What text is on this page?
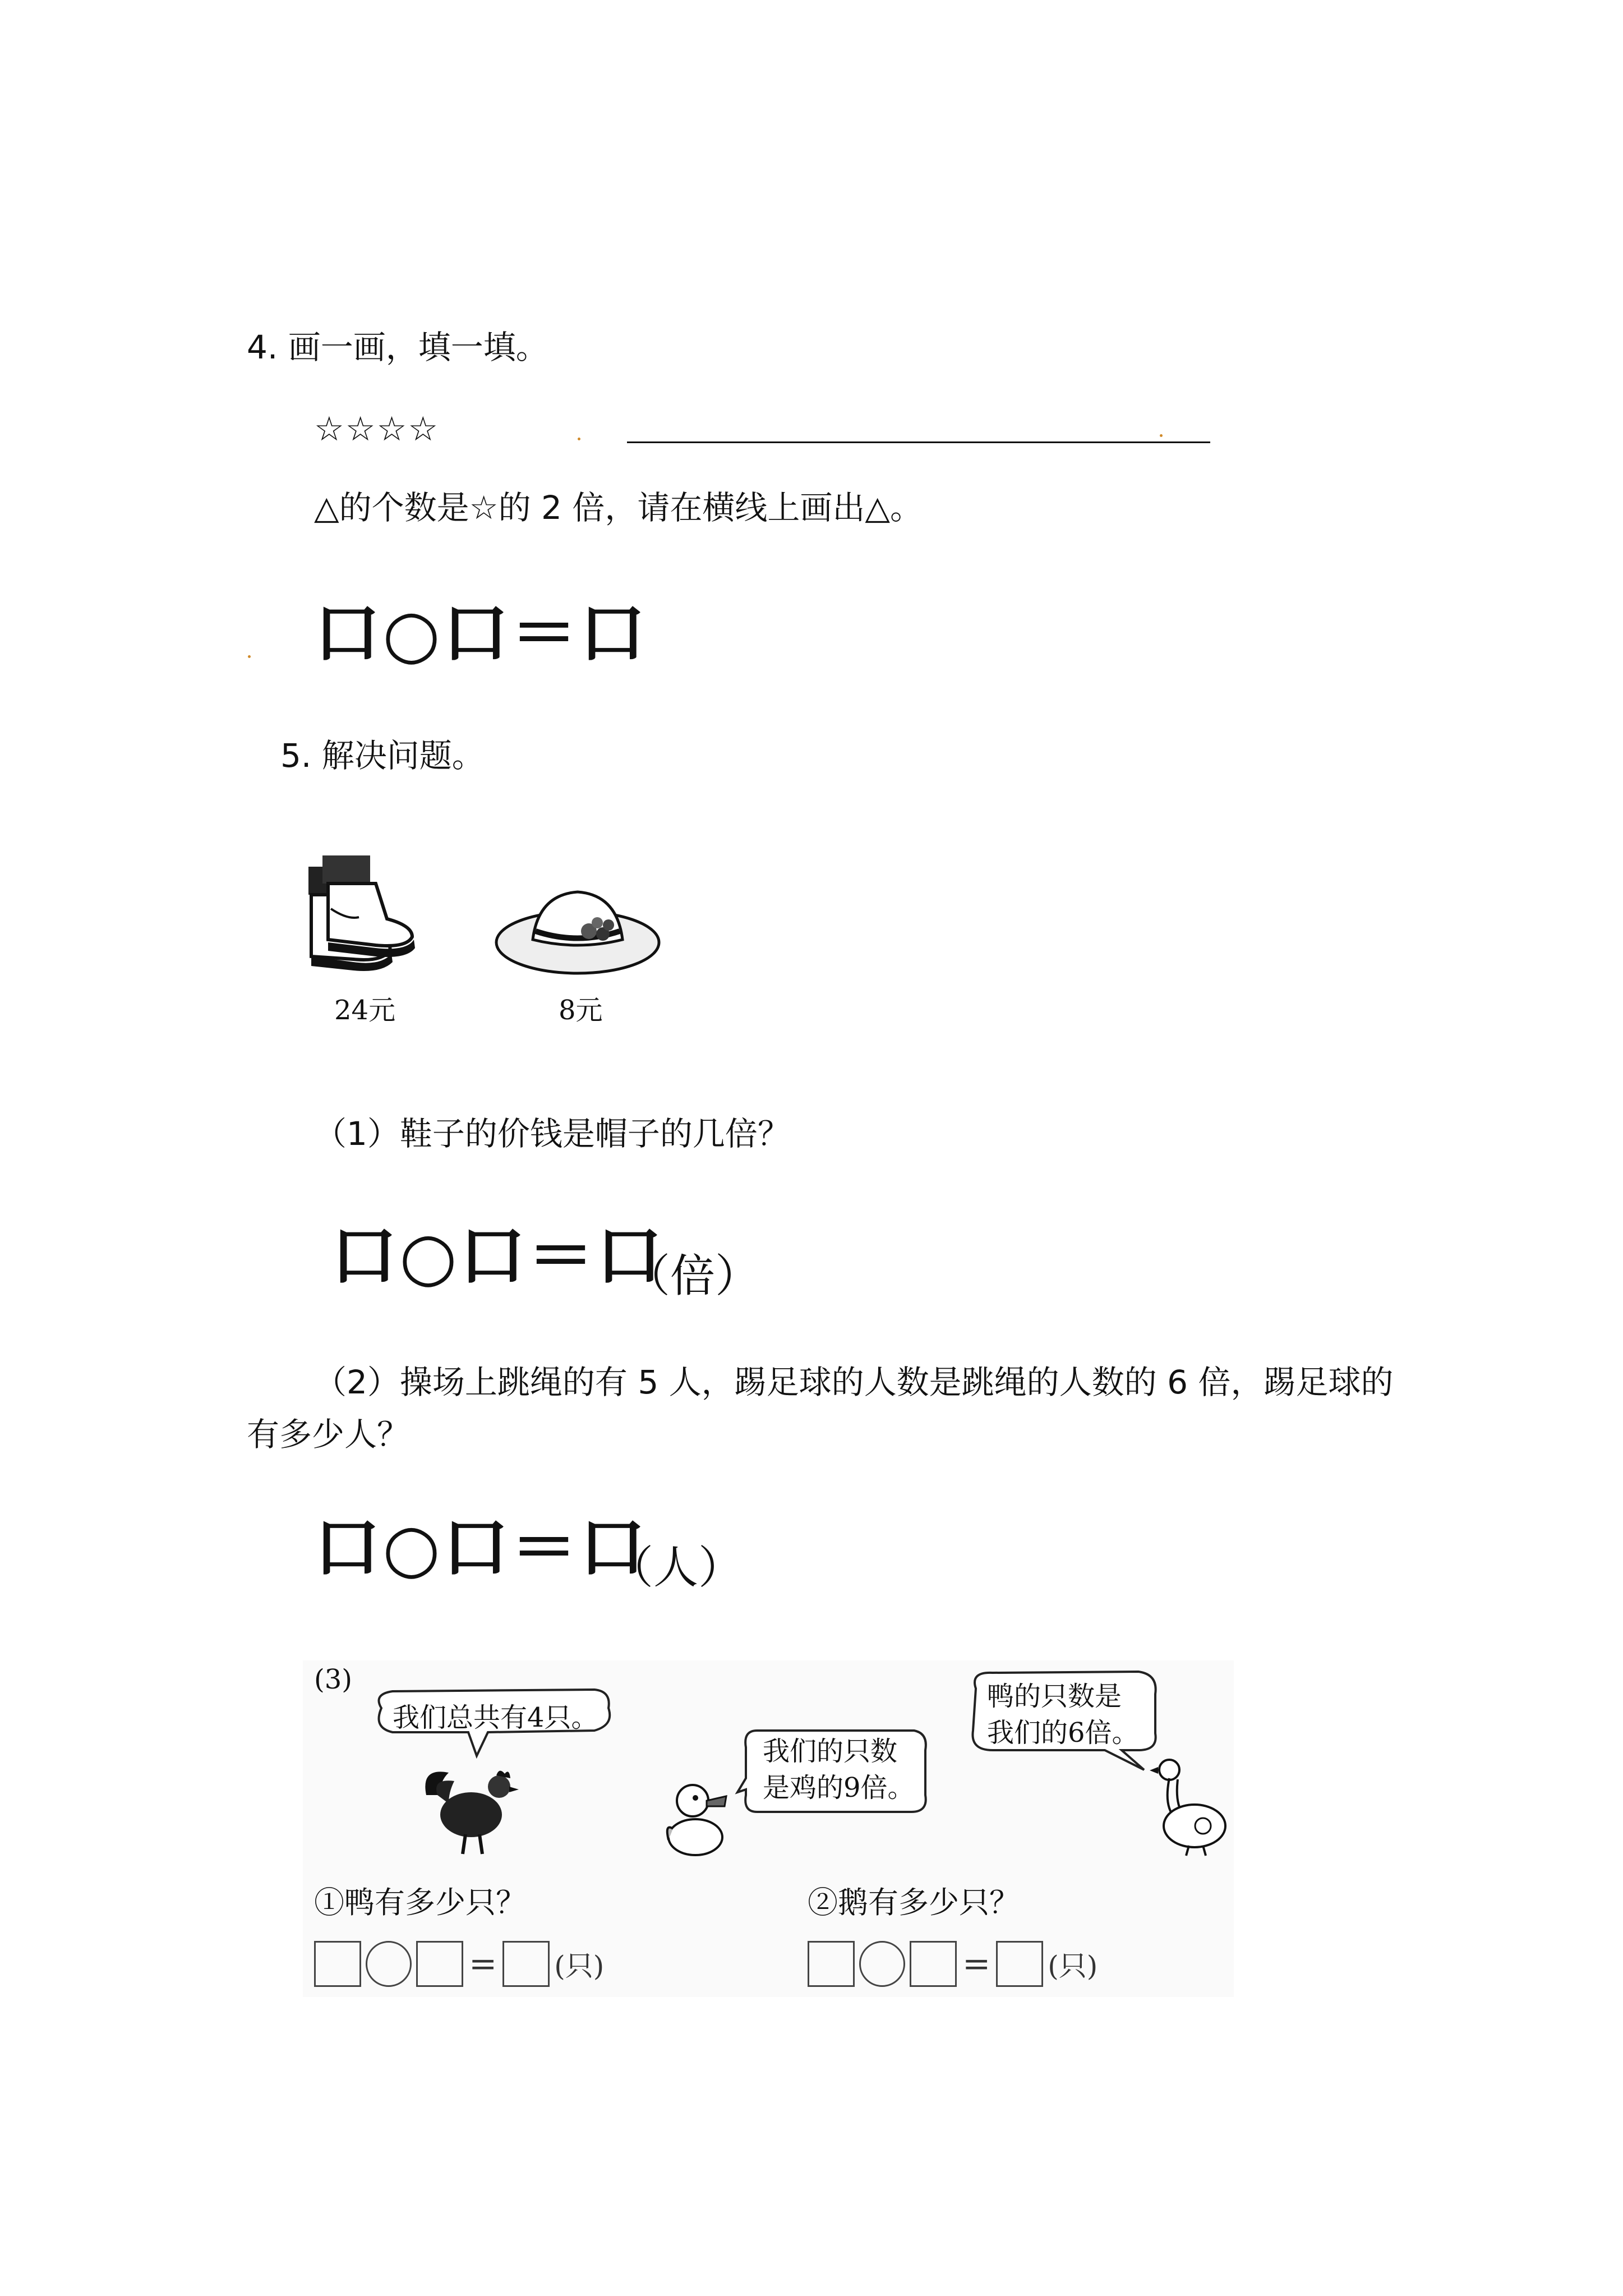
4. 画一画，填一填。
☆☆☆☆
△的个数是☆的 2 倍，请在横线上画出△。
口○口＝口
5. 解决问题。
24元	8元
（1）鞋子的价钱是帽子的几倍？
口○口＝口
（倍）
（2）操场上跳绳的有 5 人，踢足球的人数是跳绳的人数的 6 倍，踢足球的
有多少人？
口○口＝口
（人）
(3)
我们总共有4只。
我们的只数
是鸡的9倍。
鸭的只数是
我们的6倍。
①鸭有多少只？	②鹅有多少只？
= (只)	= (只)
